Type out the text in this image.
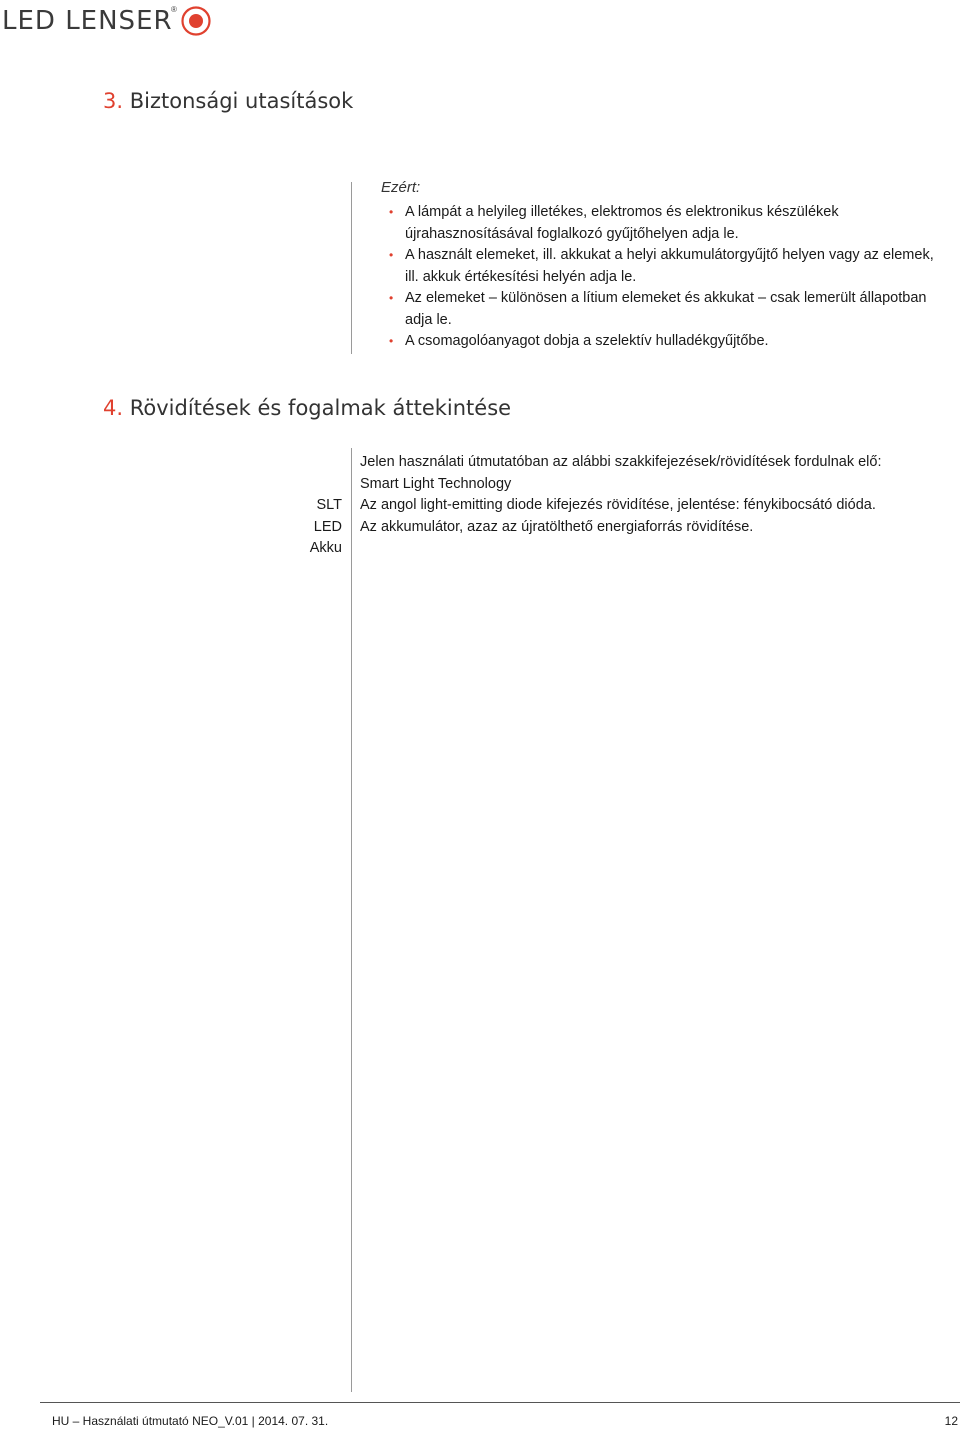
LED LENSER
®
3. Biztonsági utasítások

Ezért:

• A lámpát a helyileg illetékes, elektromos és elektronikus készülékek újrahasznosításával foglalkozó gyűjtőhelyen adja le.
• A használt elemeket, ill. akkukat a helyi akkumulátorgyűjtő helyen vagy az elemek, ill. akkuk értékesítési helyén adja le.
• Az elemeket – különösen a lítium elemeket és akkukat – csak lemerült állapotban adja le.
• A csomagolóanyagot dobja a szelektív hulladékgyűjtőbe.
4. Rövidítések és fogalmak áttekintése
SLT
LED
Akku
Jelen használati útmutatóban az alábbi szakkifejezések/rövidítések fordulnak elő:
Smart Light Technology
Az angol light-emitting diode kifejezés rövidítése, jelentése: fénykibocsátó dióda.
Az akkumulátor, azaz az újratölthető energiaforrás rövidítése.
HU – Használati útmutató NEO_V.01 | 2014. 07. 31.	12
